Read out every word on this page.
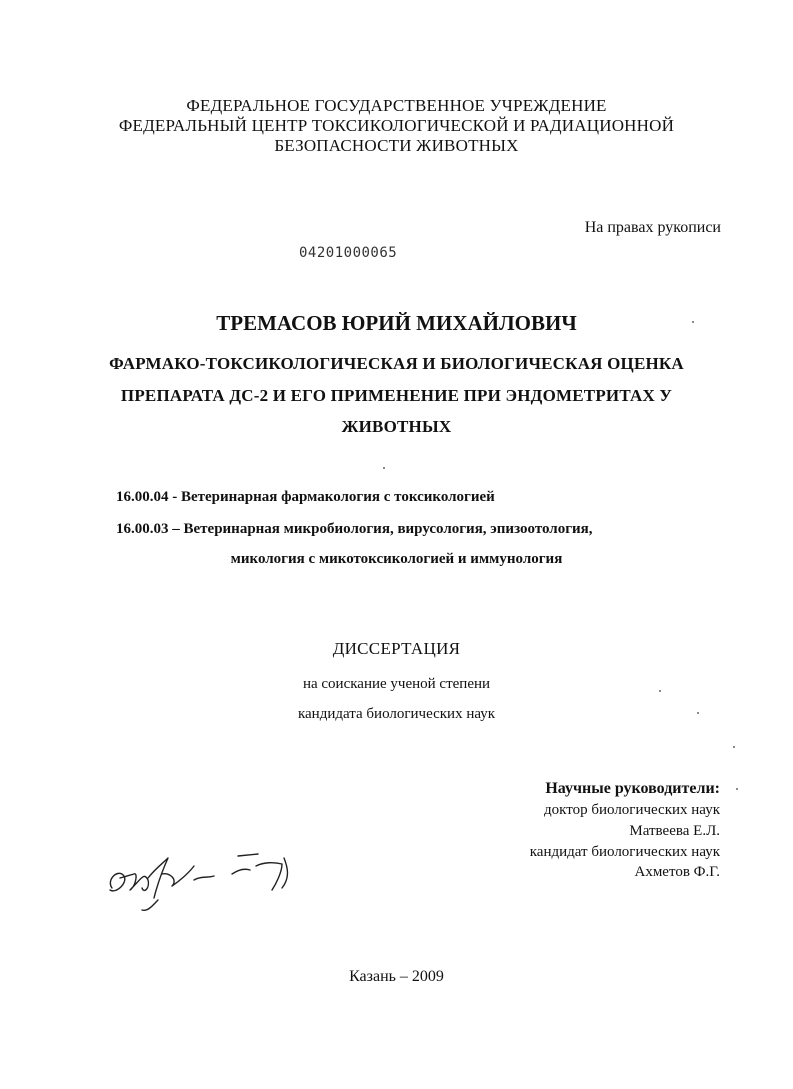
ФЕДЕРАЛЬНОЕ ГОСУДАРСТВЕННОЕ УЧРЕЖДЕНИЕ
ФЕДЕРАЛЬНЫЙ ЦЕНТР ТОКСИКОЛОГИЧЕСКОЙ И РАДИАЦИОННОЙ
БЕЗОПАСНОСТИ ЖИВОТНЫХ
На правах рукописи
04201000065
ТРЕМАСОВ ЮРИЙ МИХАЙЛОВИЧ
ФАРМАКО-ТОКСИКОЛОГИЧЕСКАЯ И БИОЛОГИЧЕСКАЯ ОЦЕНКА
ПРЕПАРАТА ДС-2 И ЕГО ПРИМЕНЕНИЕ ПРИ ЭНДОМЕТРИТАХ У
ЖИВОТНЫХ
16.00.04 - Ветеринарная фармакология с токсикологией
16.00.03 – Ветеринарная микробиология, вирусология, эпизоотология,
микология с микотоксикологией и иммунология
ДИССЕРТАЦИЯ
на соискание ученой степени
кандидата биологических наук
Научные руководители:
доктор биологических наук
Матвеева Е.Л.
кандидат биологических наук
Ахметов Ф.Г.
Казань – 2009
